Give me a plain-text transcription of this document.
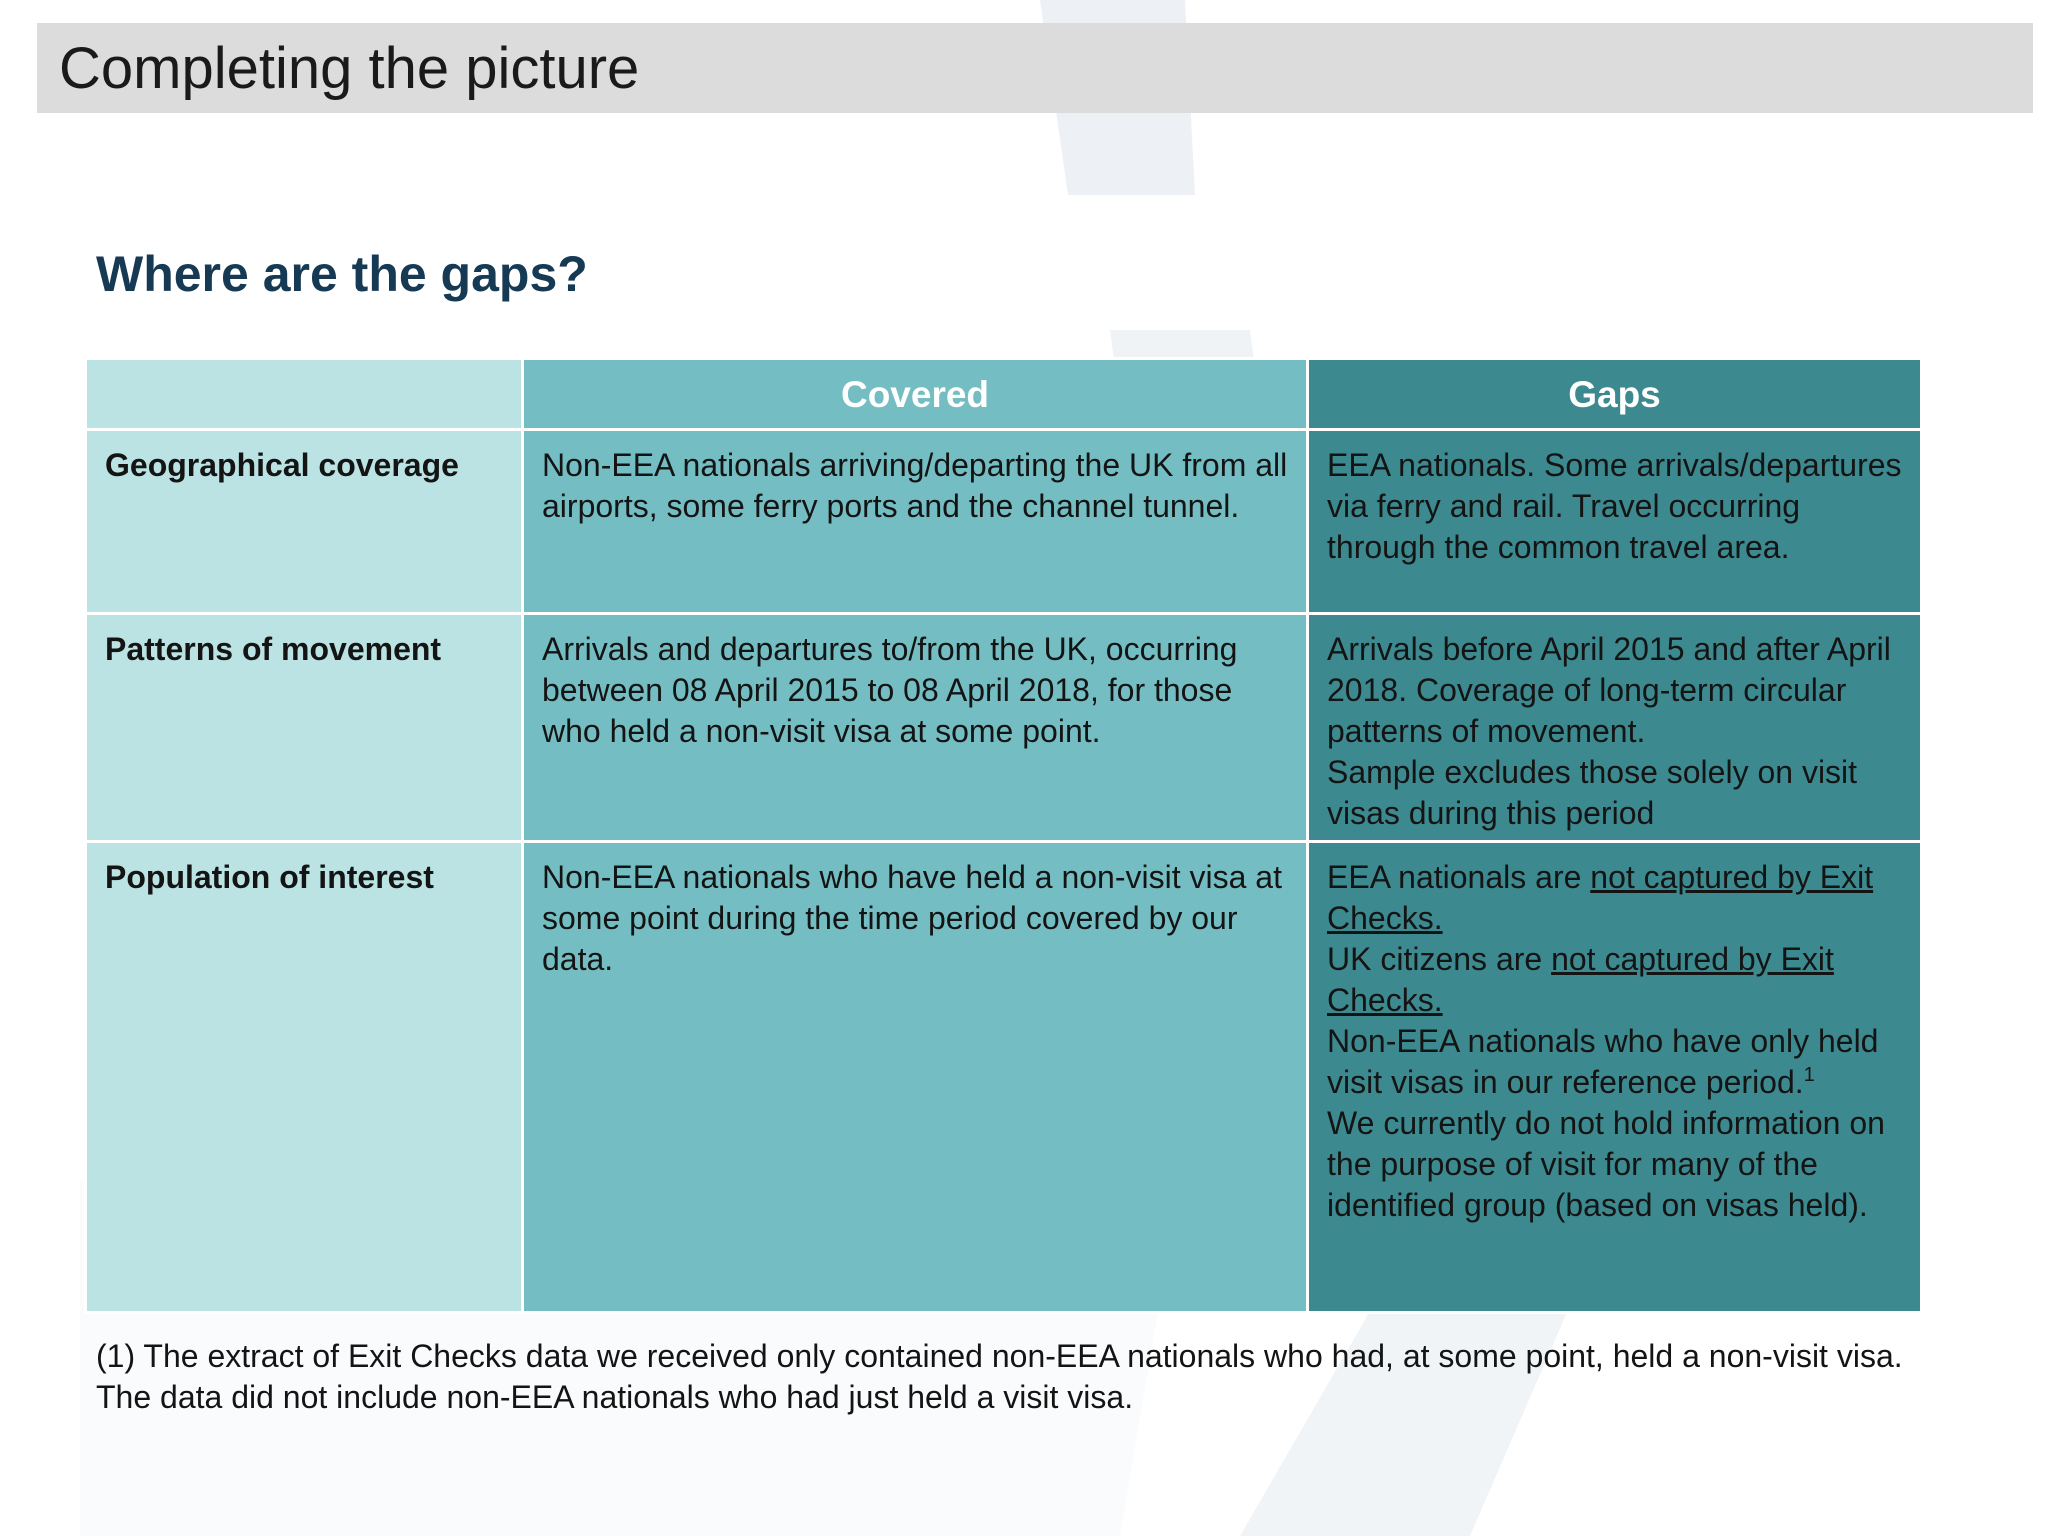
Completing the picture
Where are the gaps?
	Covered	Gaps
Geographical coverage	Non-EEA nationals arriving/departing the UK from all airports, some ferry ports and the channel tunnel.	EEA nationals. Some arrivals/departures via ferry and rail. Travel occurring through the common travel area.

Patterns of movement	Arrivals and departures to/from the UK, occurring between 08 April 2015 to 08 April 2018, for those who held a non-visit visa at some point.	Arrivals before April 2015 and after April 2018. Coverage of long-term circular patterns of movement.
Sample excludes those solely on visit visas during this period

Population of interest	Non-EEA nationals who have held a non-visit visa at some point during the time period covered by our data.	EEA nationals are not captured by Exit Checks.
UK citizens are not captured by Exit Checks.
Non-EEA nationals who have only held visit visas in our reference period.$^1$
We currently do not hold information on the purpose of visit for many of the identified group (based on visas held).
(1) The extract of Exit Checks data we received only contained non-EEA nationals who had, at some point, held a non-visit visa. The data did not include non-EEA nationals who had just held a visit visa.
